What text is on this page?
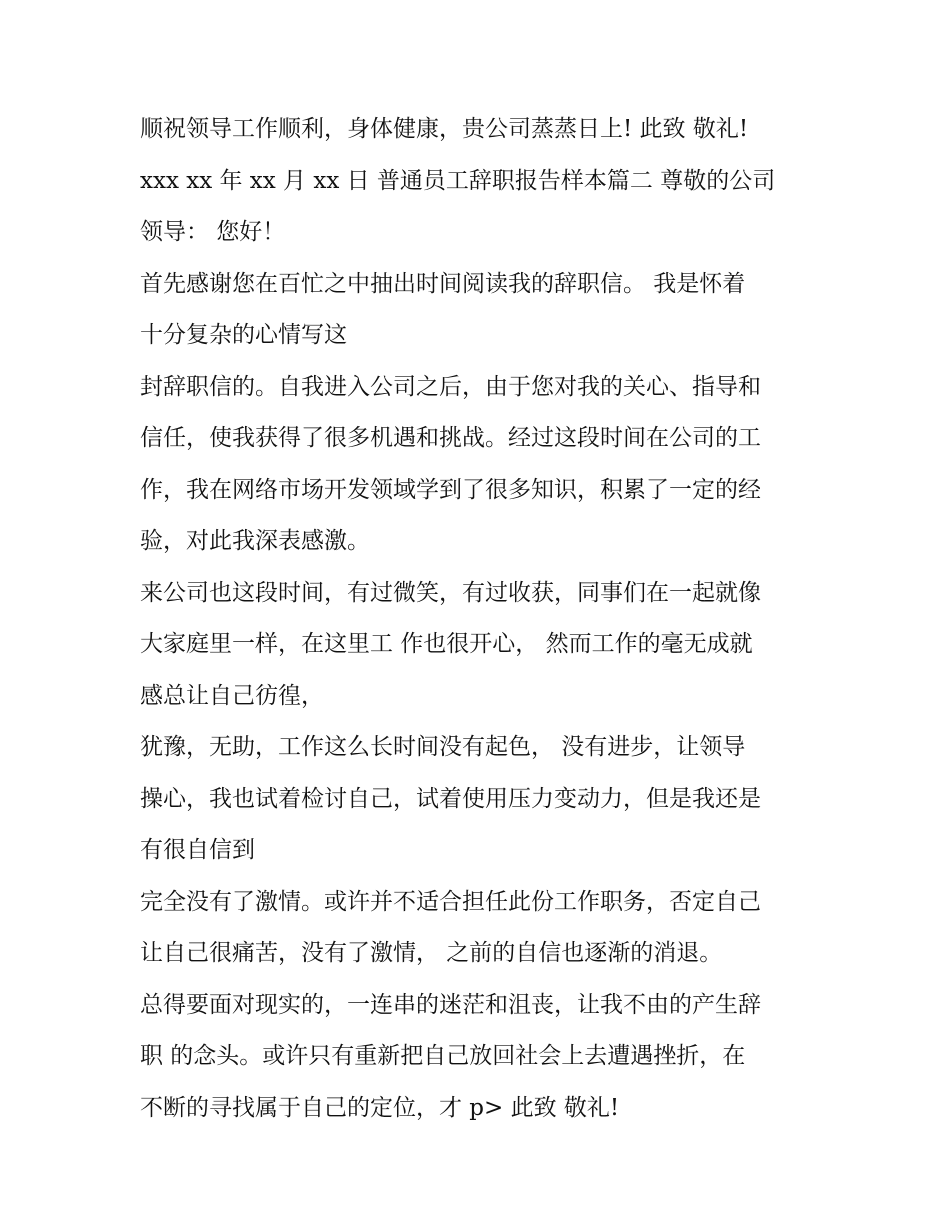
顺祝领导工作顺利，身体健康，贵公司蒸蒸日上! 此致 敬礼!
xxx xx 年 xx 月 xx 日 普通员工辞职报告样本篇二 尊敬的公司
领导： 您好！
首先感谢您在百忙之中抽出时间阅读我的辞职信。 我是怀着
十分复杂的心情写这
封辞职信的。自我进入公司之后，由于您对我的关心、指导和
信任，使我获得了很多机遇和挑战。经过这段时间在公司的工
作，我在网络市场开发领域学到了很多知识，积累了一定的经
验，对此我深表感激。
来公司也这段时间，有过微笑，有过收获，同事们在一起就像
大家庭里一样，在这里工 作也很开心， 然而工作的毫无成就
感总让自己彷徨，
犹豫，无助，工作这么长时间没有起色， 没有进步，让领导
操心，我也试着检讨自己，试着使用压力变动力，但是我还是
有很自信到
完全没有了激情。或许并不适合担任此份工作职务，否定自己
让自己很痛苦，没有了激情， 之前的自信也逐渐的消退。
总得要面对现实的，一连串的迷茫和沮丧，让我不由的产生辞
职 的念头。或许只有重新把自己放回社会上去遭遇挫折，在
不断的寻找属于自己的定位，才 p> 此致 敬礼!
